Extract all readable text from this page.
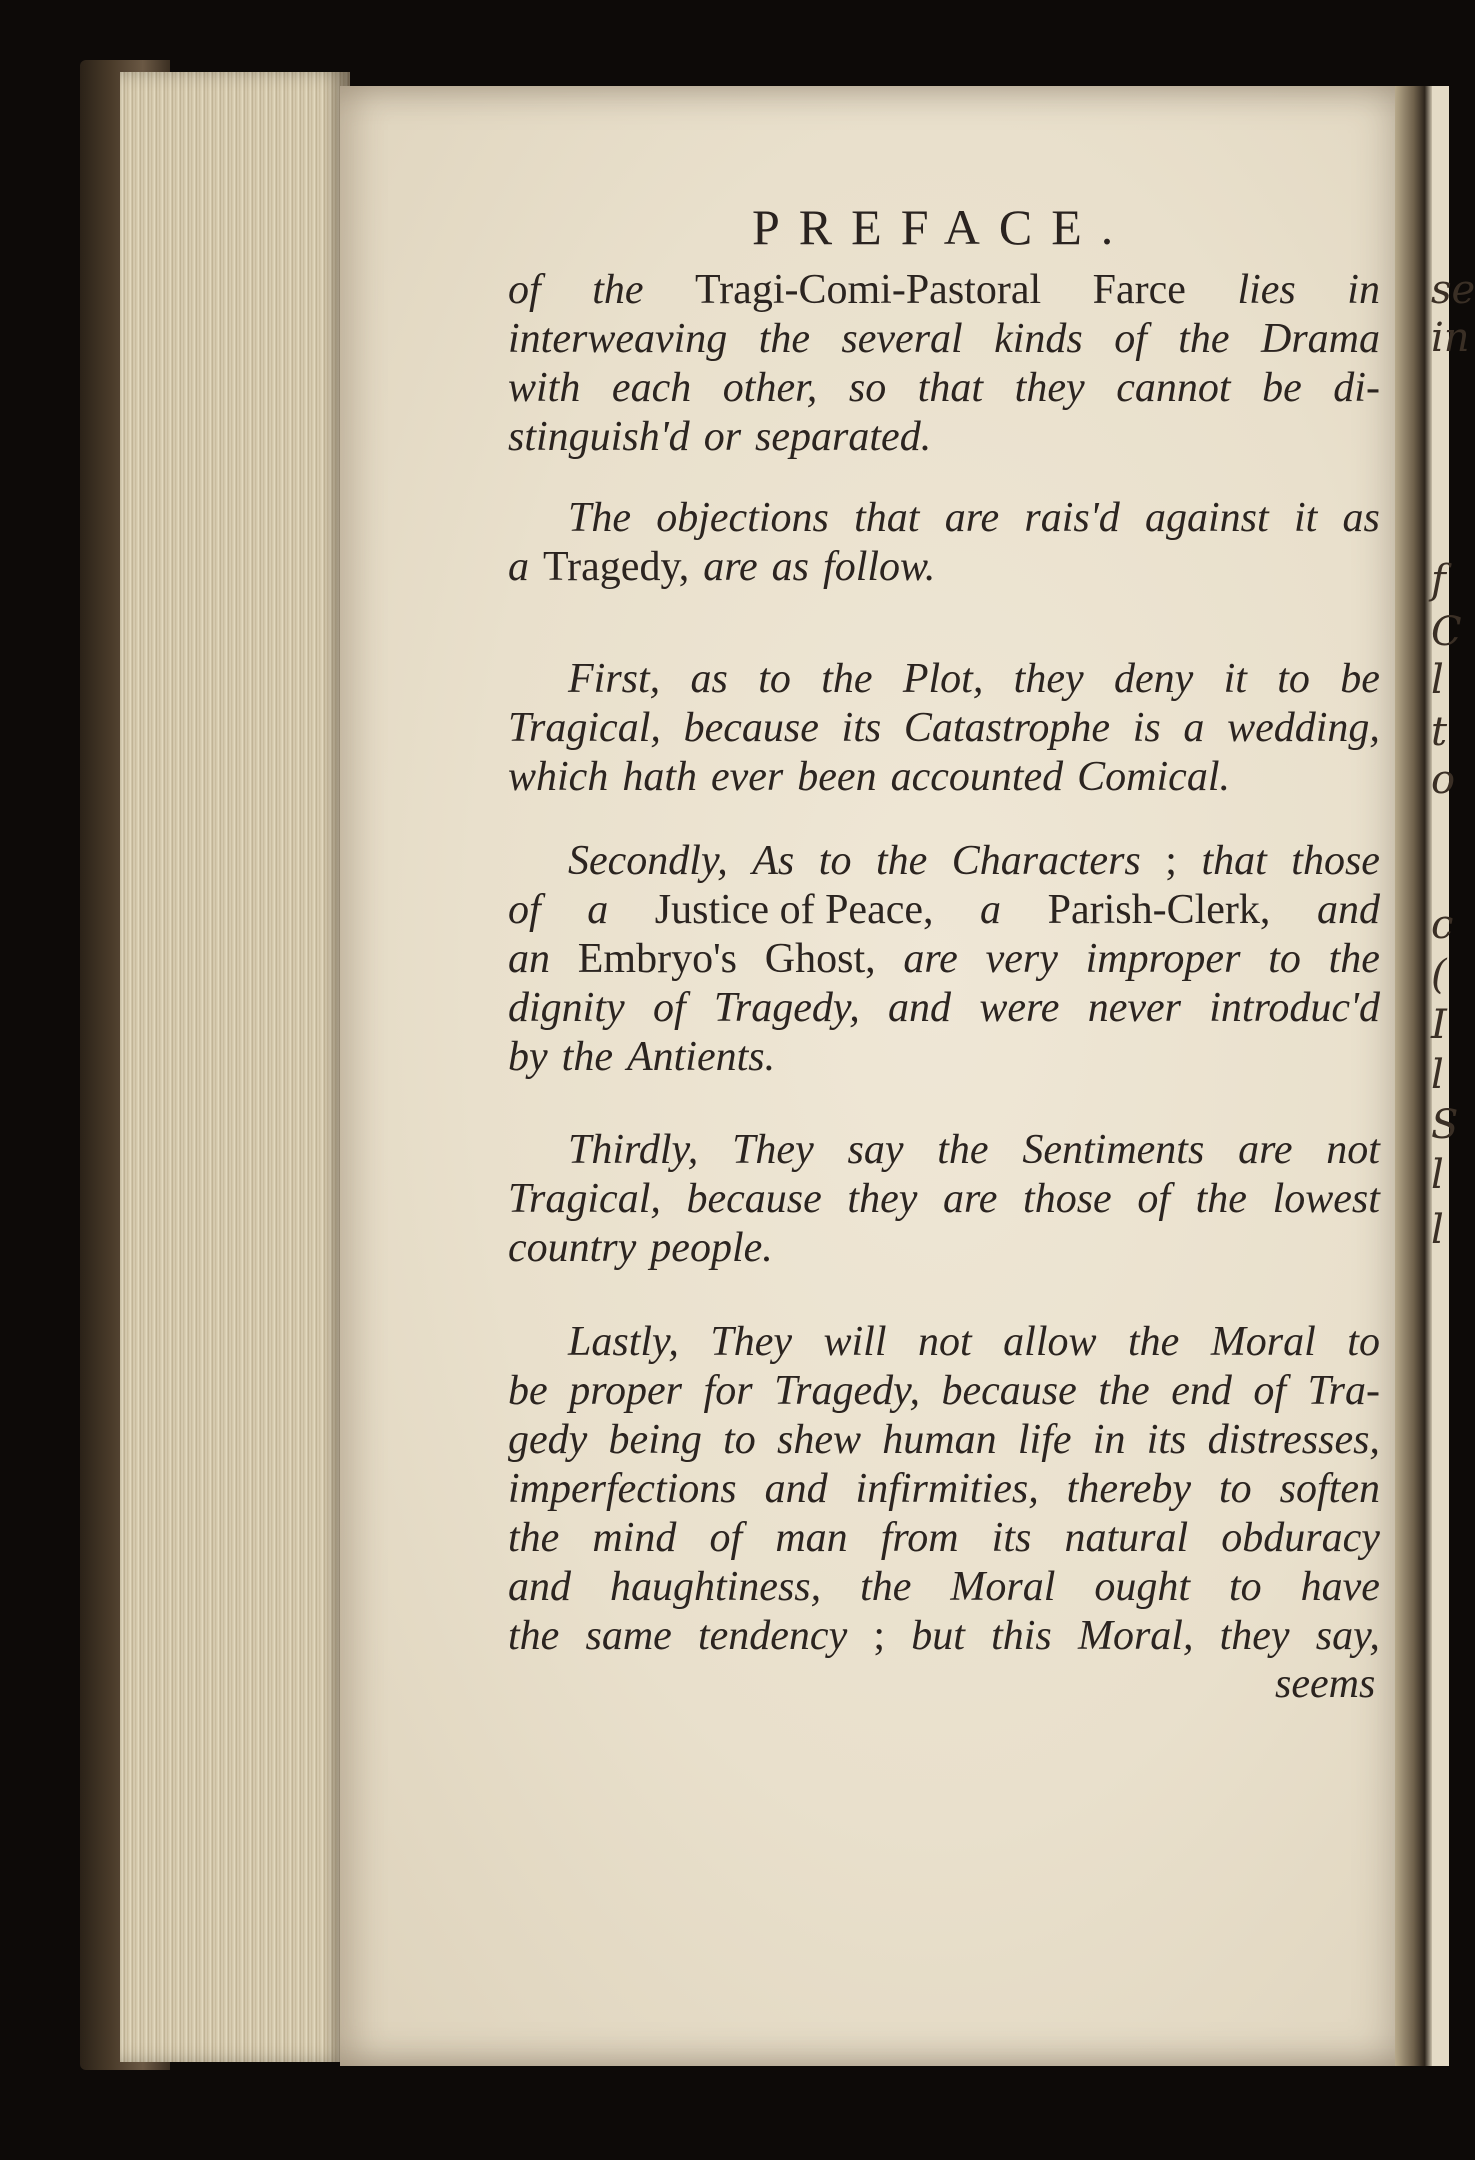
PREFACE.
of the Tragi-Comi-Pastoral Farce lies in
interweaving the several kinds of the Drama
with each other, so that they cannot be di-
stinguish'd or separated.
The objections that are rais'd against it as
a Tragedy, are as follow.
First, as to the Plot, they deny it to be
Tragical, because its Catastrophe is a wedding,
which hath ever been accounted Comical.
Secondly, As to the Characters ; that those
of a Justice of Peace, a Parish-Clerk, and
an Embryo's Ghost, are very improper to the
dignity of Tragedy, and were never introduc'd
by the Antients.
Thirdly, They say the Sentiments are not
Tragical, because they are those of the lowest
country people.
Lastly, They will not allow the Moral to
be proper for Tragedy, because the end of Tra-
gedy being to shew human life in its distresses,
imperfections and infirmities, thereby to soften
the mind of man from its natural obduracy
and haughtiness, the Moral ought to have
the same tendency ; but this Moral, they say,
seems
se
in
f
C
l
t
o
c
(
I
l
S
l
l
